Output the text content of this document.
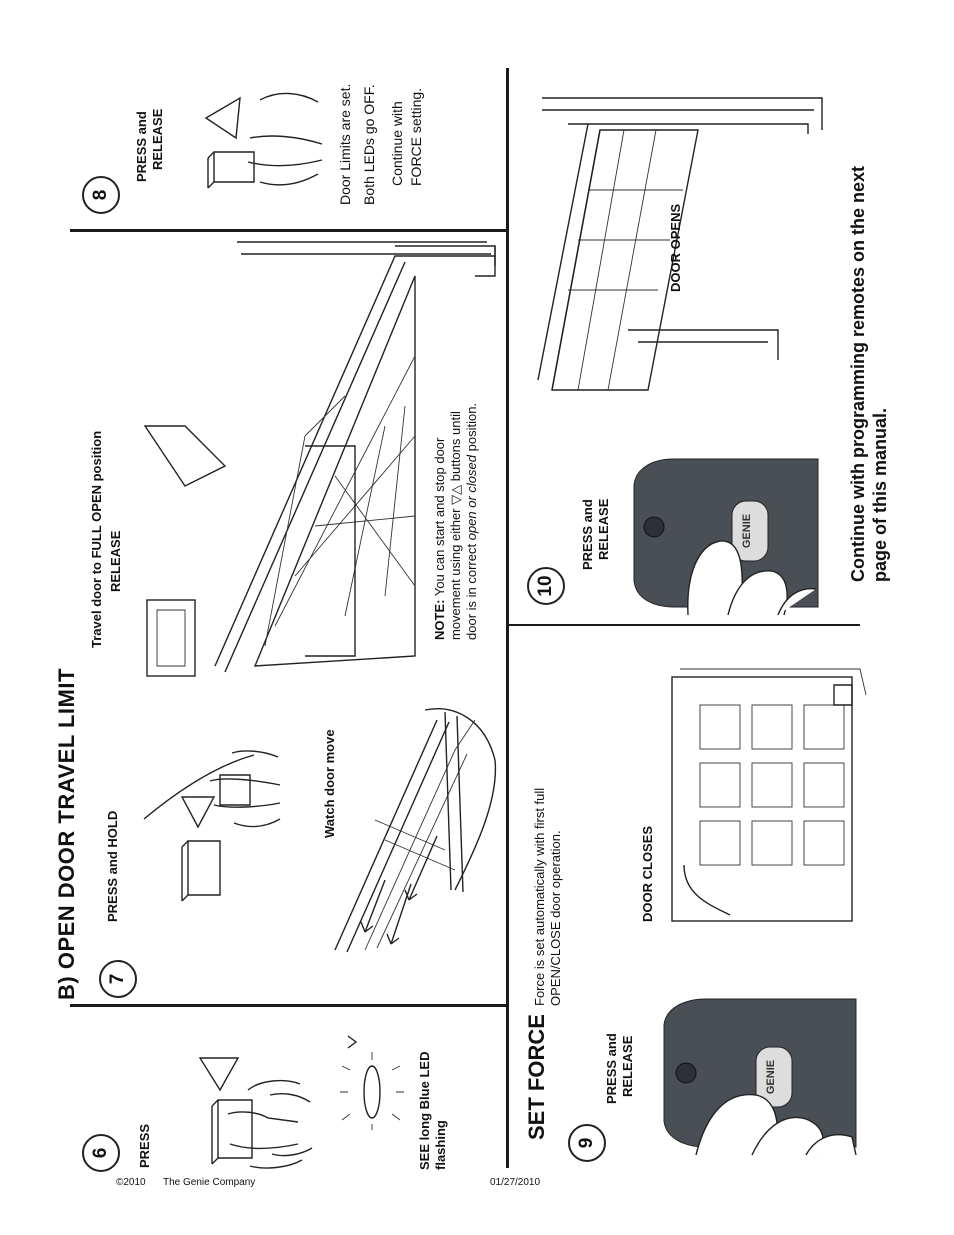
B) OPEN DOOR TRAVEL LIMIT
SET FORCE
6
7
8
9
10
PRESS	SEE long Blue LED flashing
PRESS and HOLD
Watch door move
Travel door to FULL OPEN position RELEASE
NOTE: You can start and stop door movement using either ▽△ buttons until
door is in correct open or closed position.
PRESS and RELEASE	Door Limits are set. Both LEDs go OFF. Continue with FORCE setting.
PRESS and RELEASE
Force is set automatically with first full OPEN/CLOSE door operation.	DOOR CLOSES
GENIE
PRESS and RELEASE	GENIE
DOOR OPENS	Continue with programming remotes on the next page of this manual.
©2010 The Genie Company	01/27/2010
